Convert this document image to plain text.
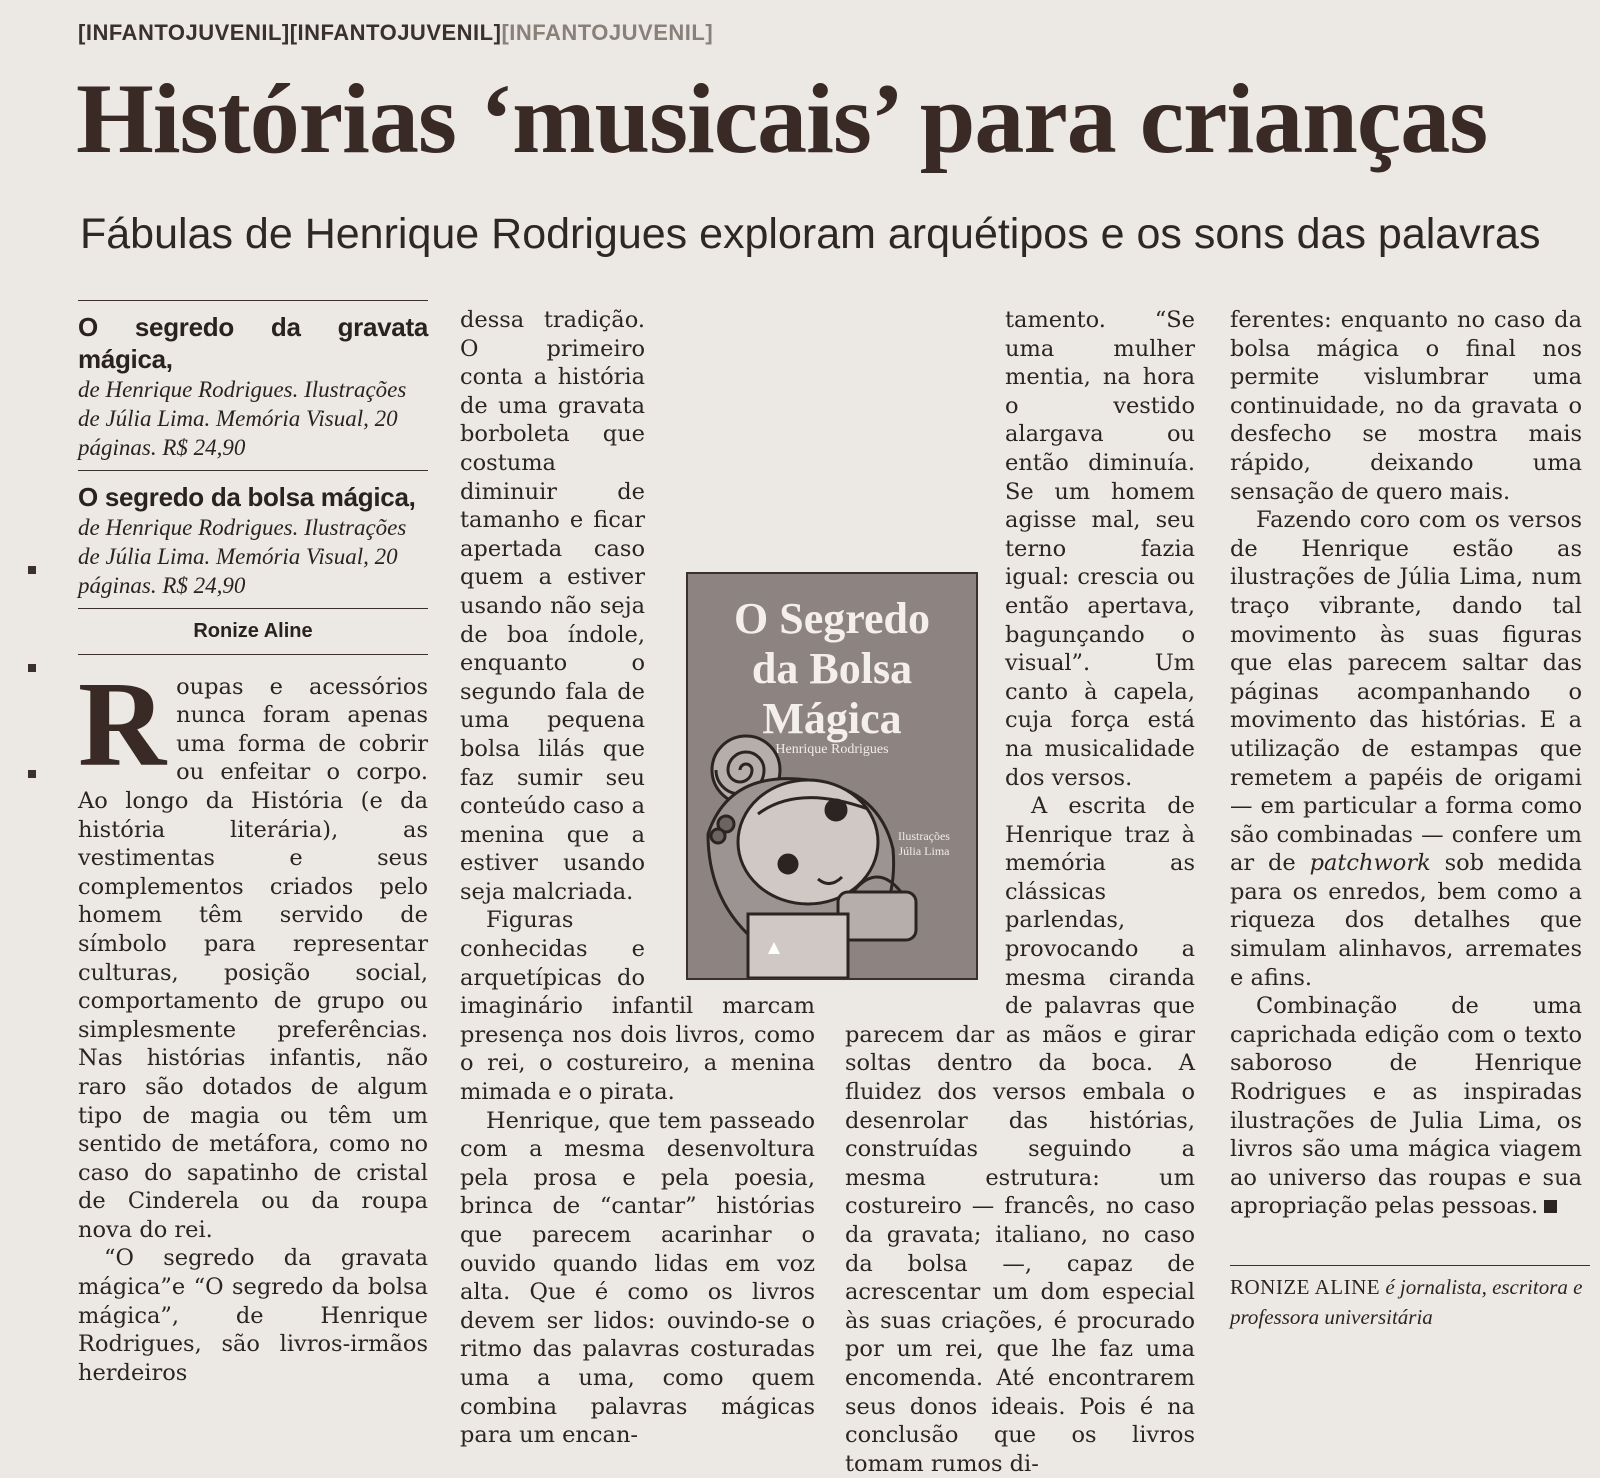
[INFANTOJUVENIL][INFANTOJUVENIL][INFANTOJUVENIL]
Histórias ‘musicais’ para crianças
Fábulas de Henrique Rodrigues exploram arquétipos e os sons das palavras
O segredo da gravata mágica,
de Henrique Rodrigues. Ilustrações de Júlia Lima. Memória Visual, 20 páginas. R$ 24,90
O segredo da bolsa mágica,
de Henrique Rodrigues. Ilustrações de Júlia Lima. Memória Visual, 20 páginas. R$ 24,90
Ronize Aline

Roupas e acessórios nunca foram apenas uma forma de cobrir ou enfeitar o corpo. Ao longo da História (e da história literária), as vestimentas e seus complementos criados pelo homem têm servido de símbolo para representar culturas, posição social, comportamento de grupo ou simplesmente preferências. Nas histórias infantis, não raro são dotados de algum tipo de magia ou têm um sentido de metáfora, como no caso do sapatinho de cristal de Cinderela ou da roupa nova do rei.

“O segredo da gravata mágica”e “O segredo da bolsa mágica”, de Henrique Rodrigues, são livros-irmãos herdeiros

dessa tradição. O primeiro conta a história de uma gravata borboleta que costuma diminuir de tamanho e ficar apertada caso quem a estiver usando não seja de boa índole, enquanto o segundo fala de uma pequena bolsa lilás que faz sumir seu conteúdo caso a menina que a estiver usando seja malcriada.

Figuras conhecidas e arquetípicas do imaginário infantil marcam presença nos dois livros, como o rei, o costureiro, a menina mimada e o pirata.

Henrique, que tem passeado com a mesma desenvoltura pela prosa e pela poesia, brinca de “cantar” histórias que parecem acarinhar o ouvido quando lidas em voz alta. Que é como os livros devem ser lidos: ouvindo-se o ritmo das palavras costuradas uma a uma, como quem combina palavras mágicas para um encan-

tamento. “Se uma mulher mentia, na hora o vestido alargava ou então diminuía. Se um homem agisse mal, seu terno fazia igual: crescia ou então apertava, bagunçando o visual”. Um canto à capela, cuja força está na musicalidade dos versos.

A escrita de Henrique traz à memória as clássicas parlendas, provocando a mesma ciranda de palavras que parecem dar as mãos e girar soltas dentro da boca. A fluidez dos versos embala o desenrolar das histórias, construídas seguindo a mesma estrutura: um costureiro — francês, no caso da gravata; italiano, no caso da bolsa —, capaz de acrescentar um dom especial às suas criações, é procurado por um rei, que lhe faz uma encomenda. Até encontrarem seus donos ideais. Pois é na conclusão que os livros tomam rumos di-

O Segredo
da Bolsa
Mágica
Henrique Rodrigues
Ilustrações
Júlia Lima

ferentes: enquanto no caso da bolsa mágica o final nos permite vislumbrar uma continuidade, no da gravata o desfecho se mostra mais rápido, deixando uma sensação de quero mais.

Fazendo coro com os versos de Henrique estão as ilustrações de Júlia Lima, num traço vibrante, dando tal movimento às suas figuras que elas parecem saltar das páginas acompanhando o movimento das histórias. E a utilização de estampas que remetem a papéis de origami — em particular a forma como são combinadas — confere um ar de patchwork sob medida para os enredos, bem como a riqueza dos detalhes que simulam alinhavos, arremates e afins.

Combinação de uma caprichada edição com o texto saboroso de Henrique Rodrigues e as inspiradas ilustrações de Julia Lima, os livros são uma mágica viagem ao universo das roupas e sua apropriação pelas pessoas.

RONIZE ALINE é jornalista, escritora e professora universitária
